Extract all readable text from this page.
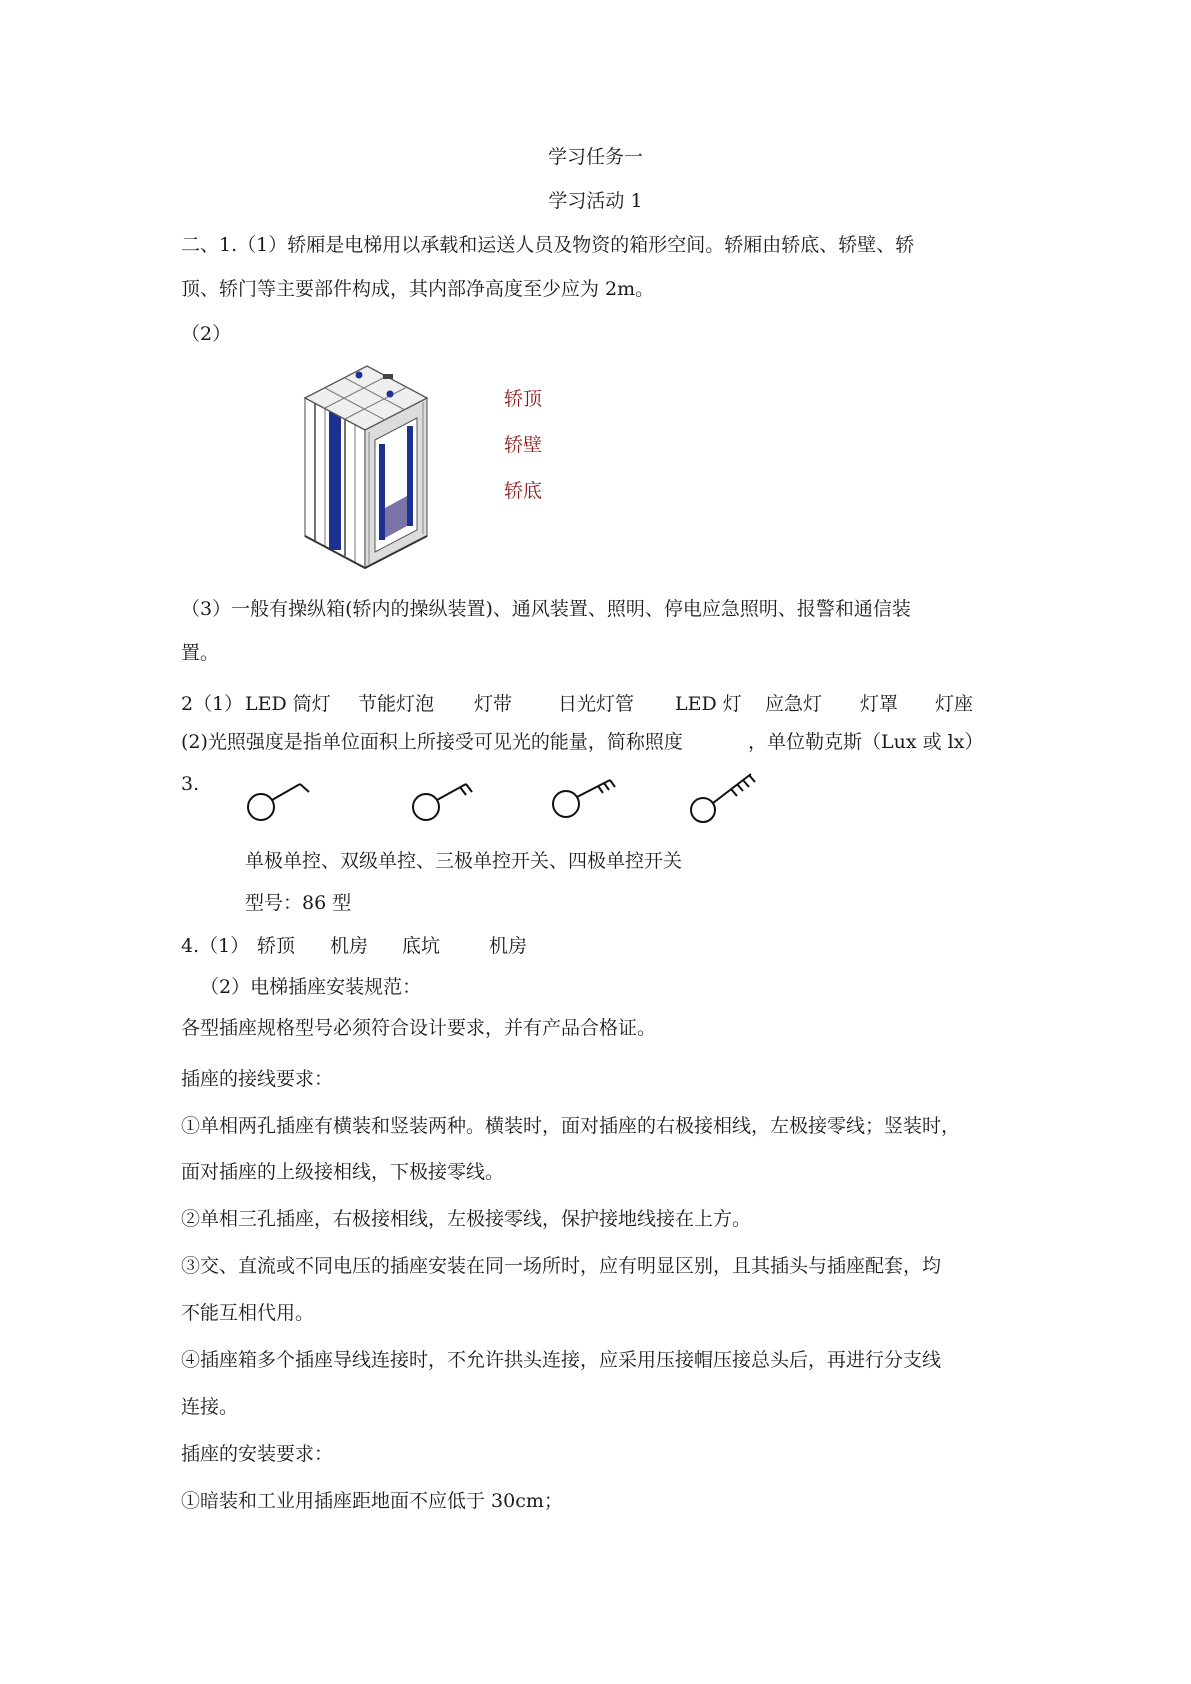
学习任务一
学习活动 1
二、1.（1）轿厢是电梯用以承载和运送人员及物资的箱形空间。轿厢由轿底、轿壁、轿
顶、轿门等主要部件构成，其内部净高度至少应为 2m。
（2）
轿顶
轿壁
轿底
（3）一般有操纵箱(轿内的操纵装置)、通风装置、照明、停电应急照明、报警和通信装
置。
2（1） LED 筒灯 节能灯泡 灯带 日光灯管 LED 灯 应急灯 灯罩 灯座
(2)光照强度是指单位面积上所接受可见光的能量，简称照度	，单位勒克斯（Lux 或 lx）
3.
单极单控、双级单控、三极单控开关、四极单控开关
型号：86 型
4.（1） 轿顶 机房 底坑	机房
（2）电梯插座安装规范：
各型插座规格型号必须符合设计要求，并有产品合格证。
插座的接线要求：
①单相两孔插座有横装和竖装两种。横装时，面对插座的右极接相线，左极接零线；竖装时，
面对插座的上级接相线，下极接零线。
②单相三孔插座，右极接相线，左极接零线，保护接地线接在上方。
③交、直流或不同电压的插座安装在同一场所时，应有明显区别，且其插头与插座配套，均
不能互相代用。
④插座箱多个插座导线连接时，不允许拱头连接，应采用压接帽压接总头后，再进行分支线
连接。
插座的安装要求：
①暗装和工业用插座距地面不应低于 30cm；
